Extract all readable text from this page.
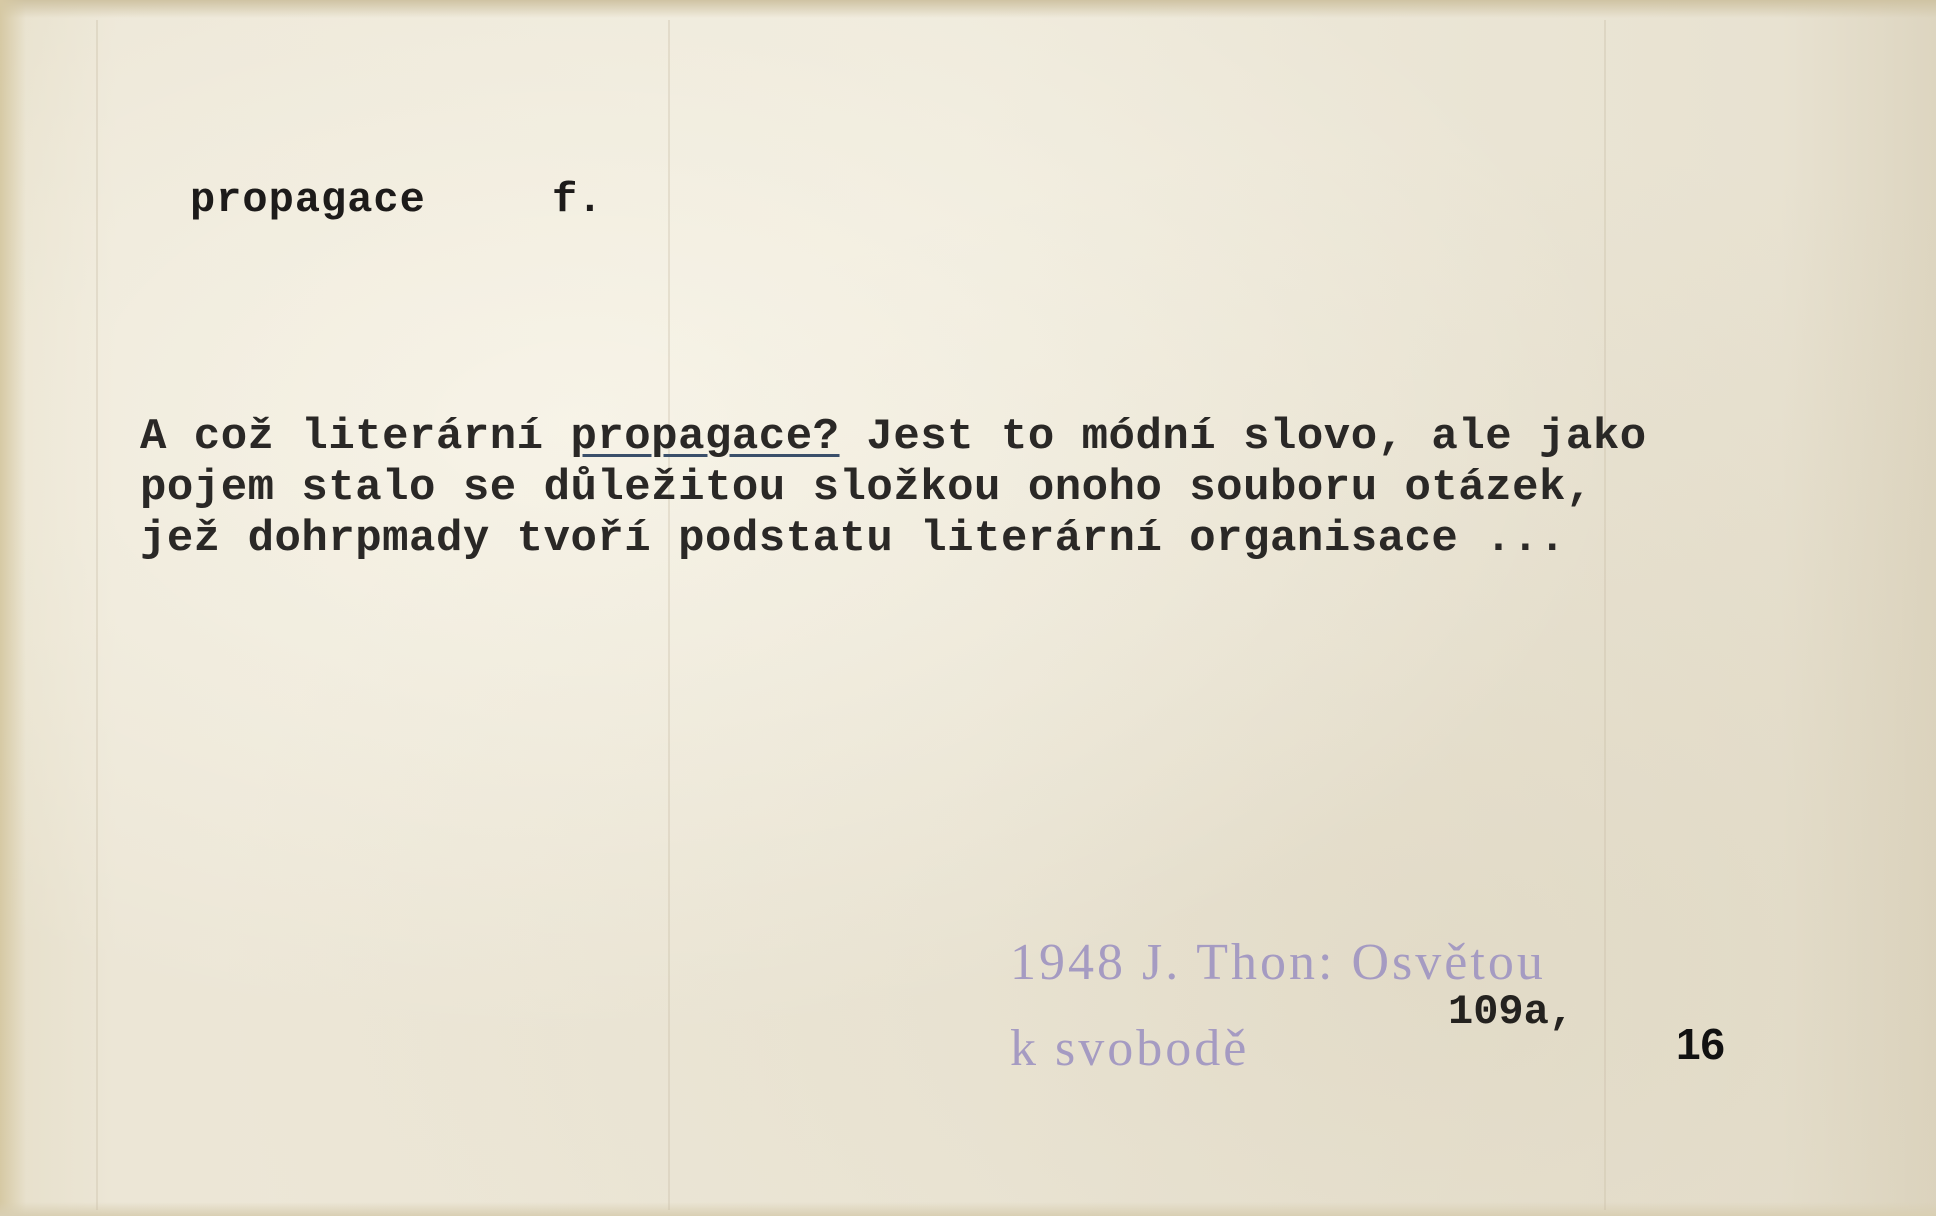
propagace	f.
A což literární propagace? Jest to módní slovo, ale jako
pojem stalo se důležitou složkou onoho souboru otázek,
jež dohrpmady tvoří podstatu literární organisace ...
1948 J. Thon: Osvětou
k svobodě
109a,
16
